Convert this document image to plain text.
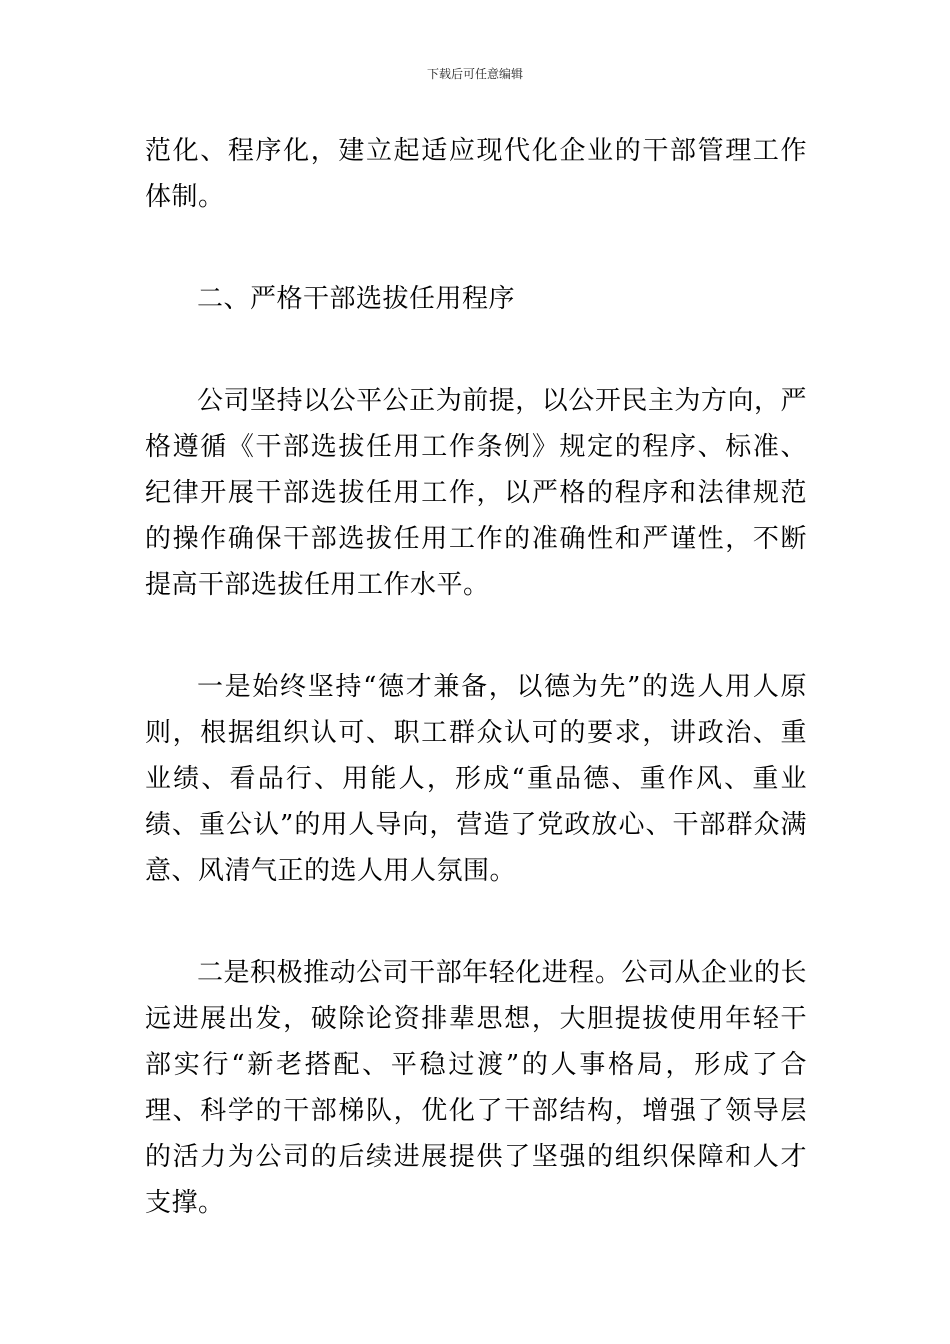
下载后可任意编辑

范化、程序化，建立起适应现代化企业的干部管理工作体制。

二、严格干部选拔任用程序

公司坚持以公平公正为前提，以公开民主为方向，严格遵循《干部选拔任用工作条例》规定的程序、标准、纪律开展干部选拔任用工作，以严格的程序和法律规范的操作确保干部选拔任用工作的准确性和严谨性，不断提高干部选拔任用工作水平。

一是始终坚持“德才兼备，以德为先”的选人用人原则，根据组织认可、职工群众认可的要求，讲政治、重业绩、看品行、用能人，形成“重品德、重作风、重业绩、重公认”的用人导向，营造了党政放心、干部群众满意、风清气正的选人用人氛围。

二是积极推动公司干部年轻化进程。公司从企业的长远进展出发，破除论资排辈思想，大胆提拔使用年轻干部实行“新老搭配、平稳过渡”的人事格局，形成了合理、科学的干部梯队，优化了干部结构，增强了领导层的活力为公司的后续进展提供了坚强的组织保障和人才支撑。
